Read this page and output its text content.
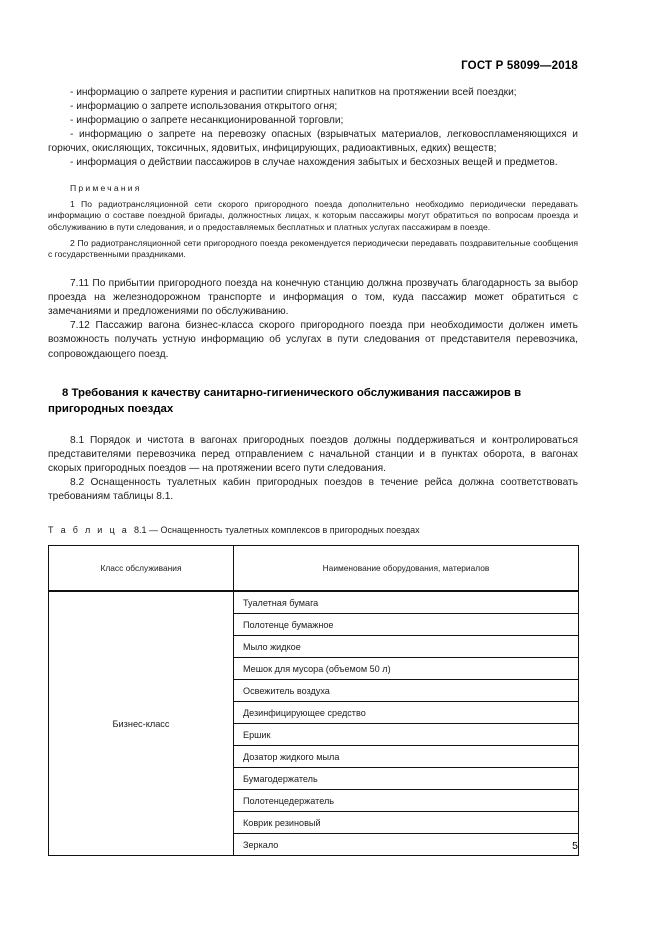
ГОСТ Р 58099—2018

- информацию о запрете курения и распитии спиртных напитков на протяжении всей поездки;

- информацию о запрете использования открытого огня;

- информацию о запрете несанкционированной торговли;

- информацию о запрете на перевозку опасных (взрывчатых материалов, легковоспламеняющихся и горючих, окисляющих, токсичных, ядовитых, инфицирующих, радиоактивных, едких) веществ;

- информация о действии пассажиров в случае нахождения забытых и бесхозных вещей и предметов.

Примечания

1 По радиотрансляционной сети скорого пригородного поезда дополнительно необходимо периодически передавать информацию о составе поездной бригады, должностных лицах, к которым пассажиры могут обратиться по вопросам проезда и обслуживанию в пути следования, и о предоставляемых бесплатных и платных услугах пассажирам в поезде.

2 По радиотрансляционной сети пригородного поезда рекомендуется периодически передавать поздравительные сообщения с государственными праздниками.

7.11 По прибытии пригородного поезда на конечную станцию должна прозвучать благодарность за выбор проезда на железнодорожном транспорте и информация о том, куда пассажир может обратиться с замечаниями и предложениями по обслуживанию.

7.12 Пассажир вагона бизнес-класса скорого пригородного поезда при необходимости должен иметь возможность получать устную информацию об услугах в пути следования от представителя перевозчика, сопровождающего поезд.

8 Требования к качеству санитарно-гигиенического обслуживания пассажиров в пригородных поездах

8.1 Порядок и чистота в вагонах пригородных поездов должны поддерживаться и контролироваться представителями перевозчика перед отправлением с начальной станции и в пунктах оборота, в вагонах скорых пригородных поездов — на протяжении всего пути следования.

8.2 Оснащенность туалетных кабин пригородных поездов в течение рейса должна соответствовать требованиям таблицы 8.1.

Т а б л и ц а 8.1 — Оснащенность туалетных комплексов в пригородных поездах

Класс обслуживания	Наименование оборудования, материалов
Бизнес-класс	Туалетная бумага
	Полотенце бумажное
	Мыло жидкое
	Мешок для мусора (объемом 50 л)
	Освежитель воздуха
	Дезинфицирующее средство
	Ершик
	Дозатор жидкого мыла
	Бумагодержатель
	Полотенцедержатель
	Коврик резиновый
	Зеркало	5
